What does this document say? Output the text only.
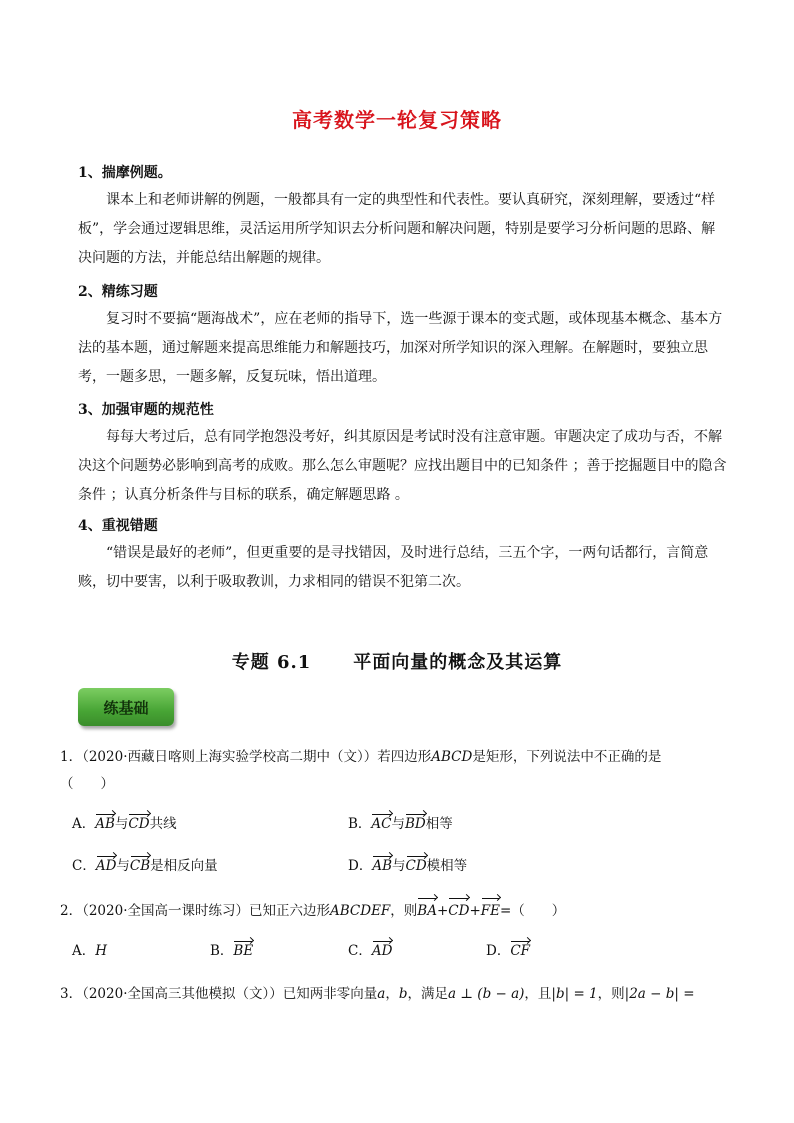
高考数学一轮复习策略
1、揣摩例题。

课本上和老师讲解的例题，一般都具有一定的典型性和代表性。要认真研究，深刻理解，要透过“样板”，学会通过逻辑思维，灵活运用所学知识去分析问题和解决问题，特别是要学习分析问题的思路、解决问题的方法，并能总结出解题的规律。

2、精练习题

复习时不要搞“题海战术”，应在老师的指导下，选一些源于课本的变式题，或体现基本概念、基本方法的基本题，通过解题来提高思维能力和解题技巧，加深对所学知识的深入理解。在解题时，要独立思考，一题多思，一题多解，反复玩味，悟出道理。

3、加强审题的规范性

每每大考过后，总有同学抱怨没考好，纠其原因是考试时没有注意审题。审题决定了成功与否，不解决这个问题势必影响到高考的成败。那么怎么审题呢？应找出题目中的已知条件 ；善于挖掘题目中的隐含条件 ；认真分析条件与目标的联系，确定解题思路 。

4、重视错题

“错误是最好的老师”，但更重要的是寻找错因，及时进行总结，三五个字，一两句话都行，言简意赅，切中要害，以利于吸取教训，力求相同的错误不犯第二次。

专题 6.1 平面向量的概念及其运算
练基础
1．（2020·西藏日喀则上海实验学校高二期中（文））若四边形ABCD是矩形，下列说法中不正确的是
（　　）
A．AB与CD共线	B．AC与BD相等
C．AD与CB是相反向量	D．AB与CD模相等
2．（2020·全国高一课时练习）已知正六边形ABCDEF，则BA+CD+FE=（　　）
A．H	B．BE	C．AD	D．CF
3．（2020·全国高三其他模拟（文））已知两非零向量a，b，满足a ⊥ (b − a)，且|b| = 1，则|2a − b| =
